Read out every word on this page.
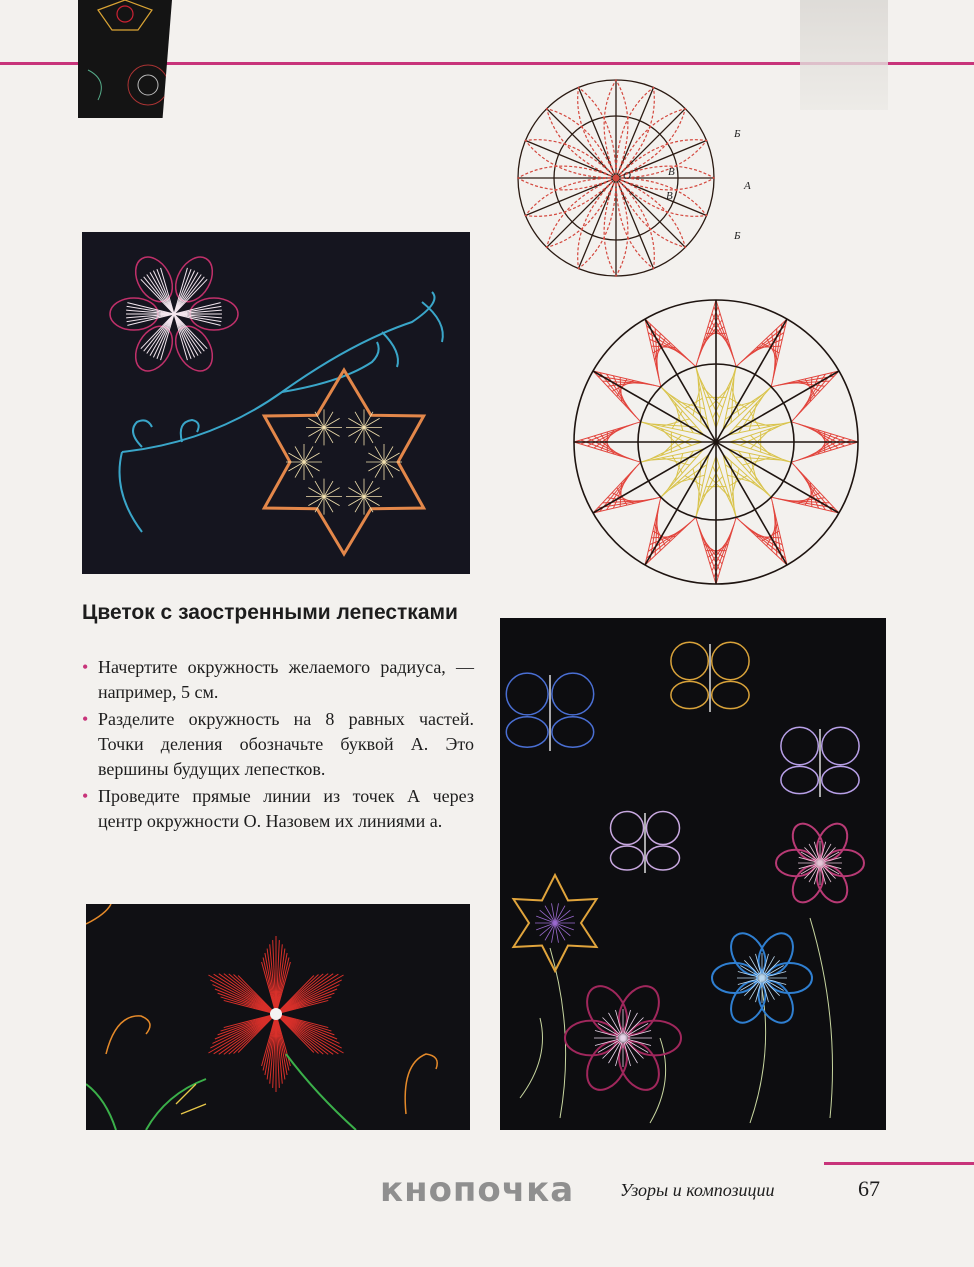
O
Б
A
Б
В
В
Цветок с заостренными лепестками
• Начертите окружность желаемого радиуса, — например, 5 см.
• Разделите окружность на 8 равных частей. Точки деления обозначьте буквой А. Это вершины будущих лепестков.
• Проведите прямые линии из точек А через центр окружности О. Назовем их линиями а.
кнопочка	Узоры и композиции	67
